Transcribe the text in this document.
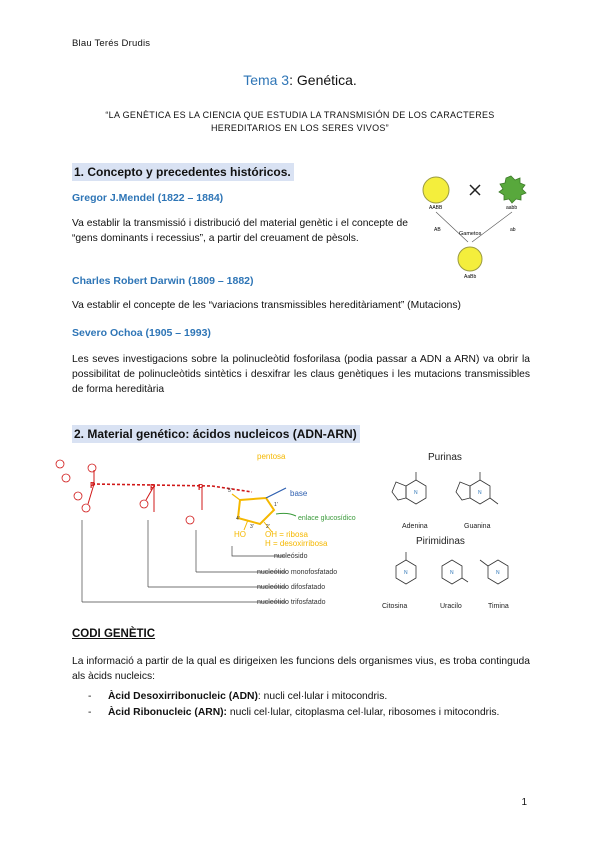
Blau Terés Drudis
Tema 3: Genética.
“LA GENÈTICA ES LA CIENCIA QUE ESTUDIA LA TRANSMISIÓN DE LOS CARACTERES HEREDITARIOS EN LOS SERES VIVOS”
1. Concepto y precedentes históricos.
Gregor J.Mendel (1822 – 1884)
Va establir la transmissió i distribució del material genètic i el concepte de “gens dominants i recessius”, a partir del creuament de pèsols.
AABB	aabb
AB	ab
Gametos
AaBb
Charles Robert Darwin (1809 – 1882)
Va establir el concepte de les “variacions transmissibles hereditàriament” (Mutacions)
Severo Ochoa (1905 – 1993)
Les seves investigacions sobre la polinucleòtid fosforilasa (podia passar a ADN a ARN) va obrir la possibilitat de polinucleòtids sintètics i desxifrar les claus genètiques i les mutacions transmissibles de forma hereditària
2. Material genético: ácidos nucleicos (ADN-ARN)
P	P	P
pentosa
base
enlace glucosídico
5'
4'
3' 2'
1'
HO OH = ribosa
H = desoxirribosa
nucleósido
nucleótido monofosfatado
nucleótido difosfatado
nucleótido trifosfatado
Purinas
Adenina	Guanina
Pirimidinas
N	N
N	N	N
Citosina	Uracilo	Timina
CODI GENÈTIC
La informació a partir de la qual es dirigeixen les funcions dels organismes vius, es troba continguda als àcids nucleics:
- Àcid Desoxirribonucleic (ADN): nucli cel·lular i mitocondris.
- Àcid Ribonucleic (ARN): nucli cel·lular, citoplasma cel·lular, ribosomes i mitocondris.
1
